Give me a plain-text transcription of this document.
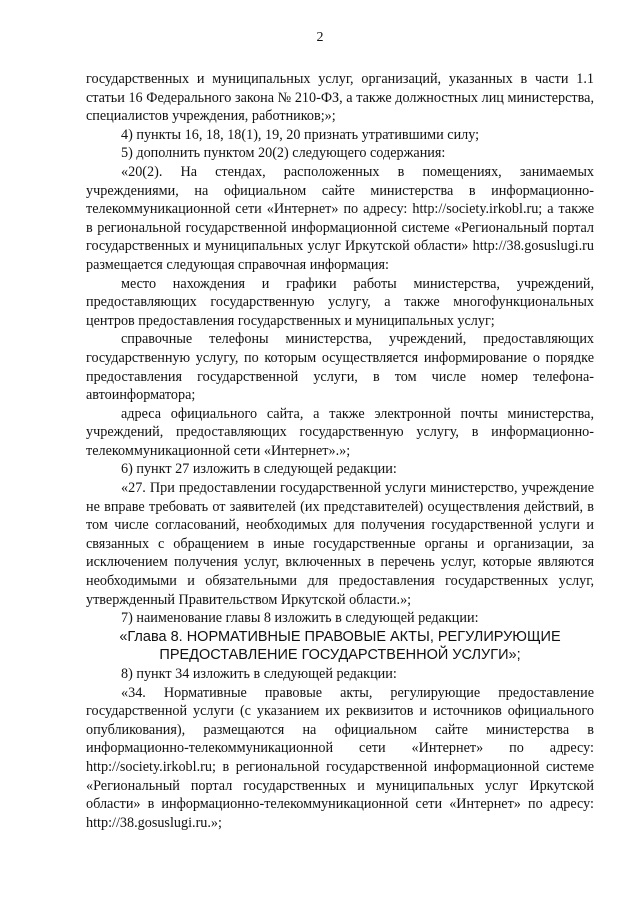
2

государственных и муниципальных услуг, организаций, указанных в части 1.1 статьи 16 Федерального закона № 210-ФЗ, а также должностных лиц министерства, специалистов учреждения, работников;»;

4) пункты 16, 18, 18(1), 19, 20 признать утратившими силу;

5) дополнить пунктом 20(2) следующего содержания:

«20(2). На стендах, расположенных в помещениях, занимаемых учреждениями, на официальном сайте министерства в информационно-телекоммуникационной сети «Интернет» по адресу: http://society.irkobl.ru; а также в региональной государственной информационной системе «Региональный портал государственных и муниципальных услуг Иркутской области» http://38.gosuslugi.ru размещается следующая справочная информация:

место нахождения и графики работы министерства, учреждений, предоставляющих государственную услугу, а также многофункциональных центров предоставления государственных и муниципальных услуг;

справочные телефоны министерства, учреждений, предоставляющих государственную услугу, по которым осуществляется информирование о порядке предоставления государственной услуги, в том числе номер телефона-автоинформатора;

адреса официального сайта, а также электронной почты министерства, учреждений, предоставляющих государственную услугу, в информационно-телекоммуникационной сети «Интернет».»;

6) пункт 27 изложить в следующей редакции:

«27. При предоставлении государственной услуги министерство, учреждение не вправе требовать от заявителей (их представителей) осуществления действий, в том числе согласований, необходимых для получения государственной услуги и связанных с обращением в иные государственные органы и организации, за исключением получения услуг, включенных в перечень услуг, которые являются необходимыми и обязательными для предоставления государственных услуг, утвержденный Правительством Иркутской области.»;

7) наименование главы 8 изложить в следующей редакции:

«Глава 8. НОРМАТИВНЫЕ ПРАВОВЫЕ АКТЫ, РЕГУЛИРУЮЩИЕ ПРЕДОСТАВЛЕНИЕ ГОСУДАРСТВЕННОЙ УСЛУГИ»;

8) пункт 34 изложить в следующей редакции:

«34. Нормативные правовые акты, регулирующие предоставление государственной услуги (с указанием их реквизитов и источников официального опубликования), размещаются на официальном сайте министерства в информационно-телекоммуникационной сети «Интернет» по адресу: http://society.irkobl.ru; в региональной государственной информационной системе «Региональный портал государственных и муниципальных услуг Иркутской области» в информационно-телекоммуникационной сети «Интернет» по адресу: http://38.gosuslugi.ru.»;
